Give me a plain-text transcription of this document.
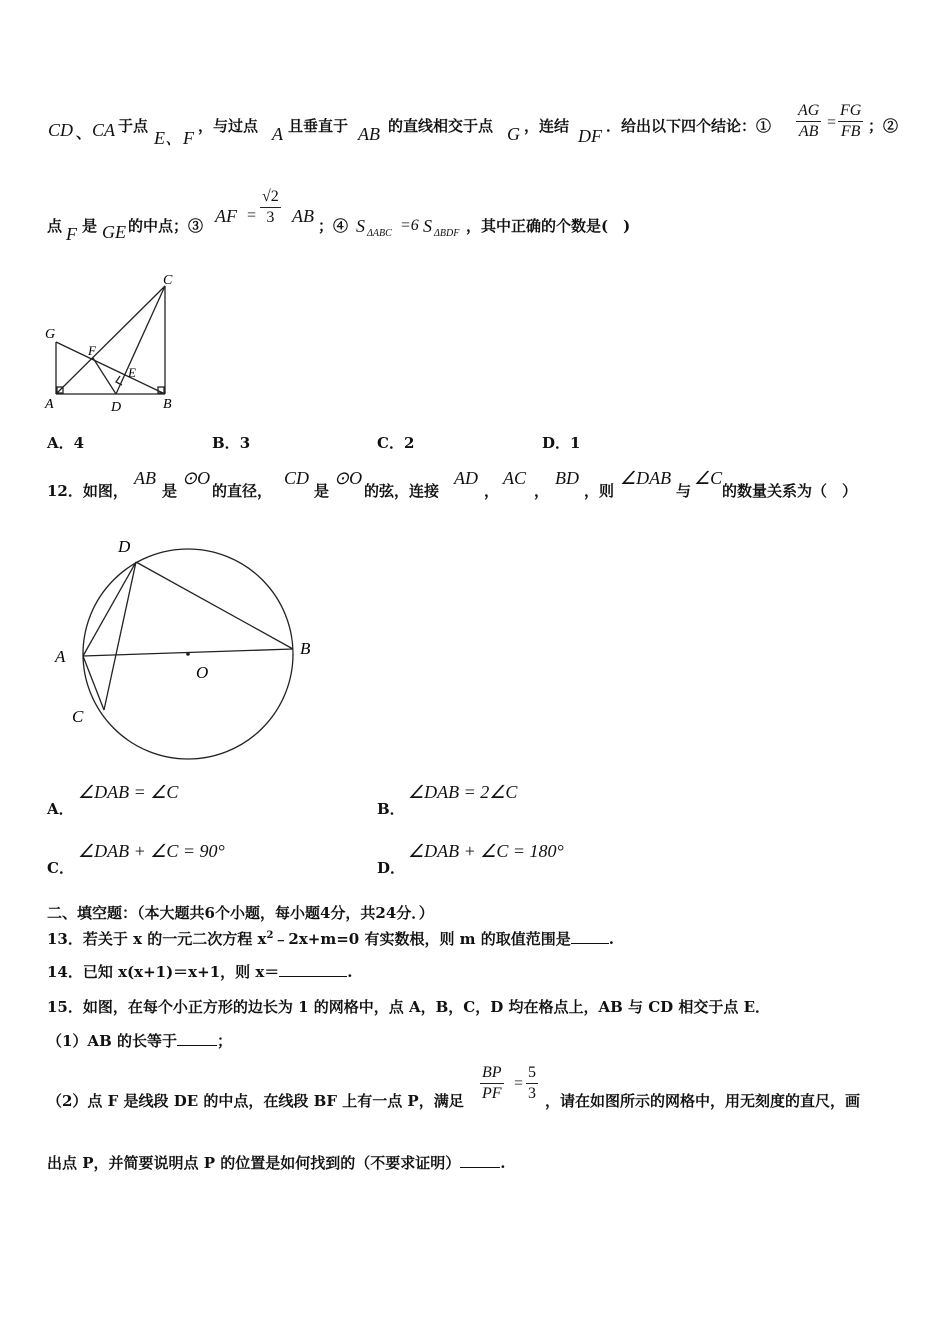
CD 、 CA 于点
E、F
，与过点 A 且垂直于 AB 的直线相交于点 G ，连结 DF ．给出以下四个结论：①
AG
AB
=
FG
FB ；②
点 F 是 GE 的中点；③ AF =
√2
3 AB ；④ S ΔABC =6 S ΔBDF ，其中正确的个数是(　)
C
G
F
E
A	D	B
A．4	B．3	C．2	D．1
12．如图，
AB
是
⊙O
的直径，
CD
是
⊙O
的弦，连接
AD
，
AC
，
BD
，则
∠DAB
与
∠C
的数量关系为（　）
D
A
O
B
C
A．
∠DAB = ∠C
B．
∠DAB = 2∠C
C．
∠DAB + ∠C = 90°
D．
∠DAB + ∠C = 180°
二、填空题：（本大题共6个小题，每小题4分，共24分．）
13．若关于 x 的一元二次方程 $x^2﹣2x+m=0$ 有实数根，则 m 的取值范围是	.
14．已知 x(x+1)＝x+1，则 x＝	.
15．如图，在每个小正方形的边长为 1 的网格中，点 A，B，C，D 均在格点上，AB 与 CD 相交于点 E．
（1）AB 的长等于	；
（2）点 F 是线段 DE 的中点，在线段 BF 上有一点 P，满足
BP
PF
=
5
3 ，请在如图所示的网格中，用无刻度的直尺，画
出点 P，并简要说明点 P 的位置是如何找到的（不要求证明）	.
